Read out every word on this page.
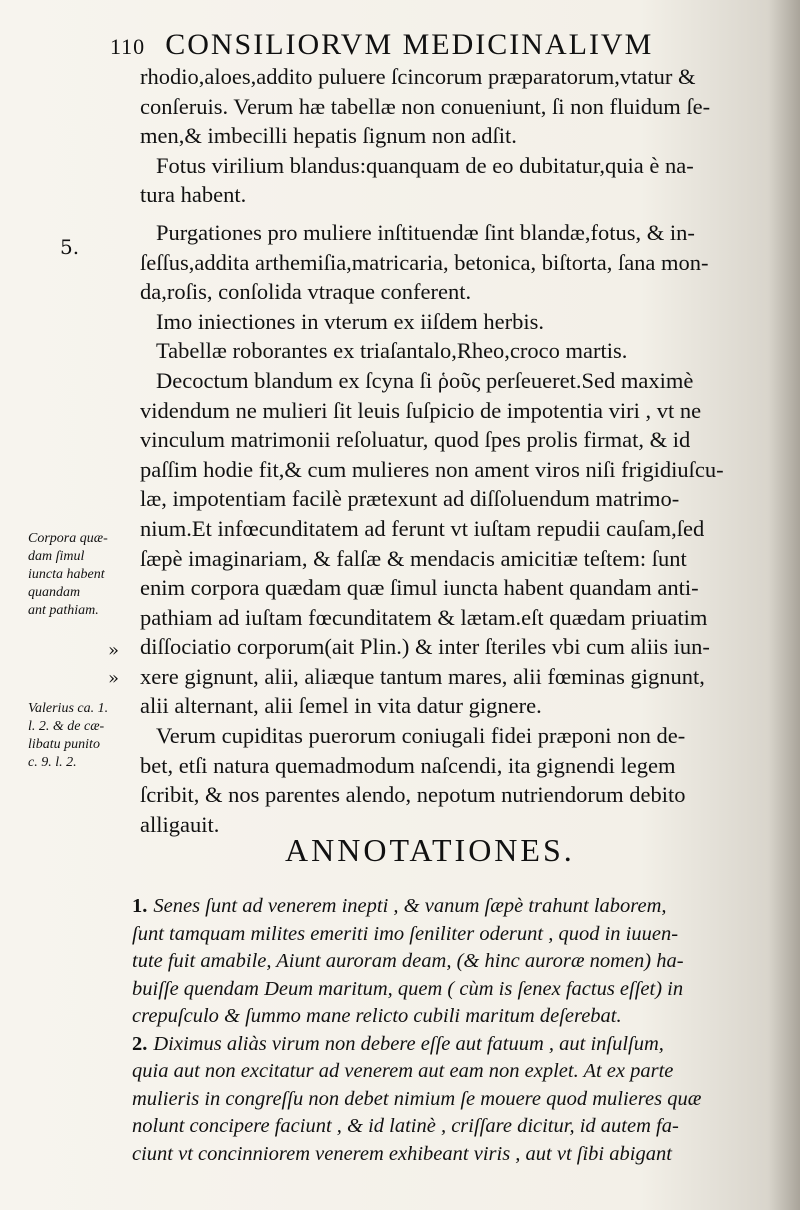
110 CONSILIORVM MEDICINALIVM
rhodio,aloes,addito puluere ſcincorum præparatorum,vtatur &
conſeruis. Verum hæ tabellæ non conueniunt, ſi non fluidum ſe-
men,& imbecilli hepatis ſignum non adſit.
Fotus virilium blandus:quanquam de eo dubitatur,quia è na-
tura habent.
Purgationes pro muliere inſtituendæ ſint blandæ,fotus, & in-
ſeſſus,addita arthemiſia,matricaria, betonica, biſtorta, ſana mon-
da,roſis, conſolida vtraque conferent.
Imo iniectiones in vterum ex iiſdem herbis.
Tabellæ roborantes ex triaſantalo,Rheo,croco martis.
Decoctum blandum ex ſcyna ſi ῥοῦς perſeueret.Sed maximè
videndum ne mulieri ſit leuis ſuſpicio de impotentia viri , vt ne
vinculum matrimonii reſoluatur, quod ſpes prolis firmat, & id
paſſim hodie fit,& cum mulieres non ament viros niſi frigidiuſcu-
læ, impotentiam facilè prætexunt ad diſſoluendum matrimo-
nium.Et infœcunditatem ad ferunt vt iuſtam repudii cauſam,ſed
ſæpè imaginariam, & falſæ & mendacis amicitiæ teſtem: ſunt
enim corpora quædam quæ ſimul iuncta habent quandam anti-
pathiam ad iuſtam fœcunditatem & lætam.eſt quædam priuatim
diſſociatio corporum(ait Plin.) & inter ſteriles vbi cum aliis iun-
xere gignunt, alii, aliæque tantum mares, alii fœminas gignunt,
alii alternant, alii ſemel in vita datur gignere.
Verum cupiditas puerorum coniugali fidei præponi non de-
bet, etſi natura quemadmodum naſcendi, ita gignendi legem
ſcribit, & nos parentes alendo, nepotum nutriendorum debito
alligauit.
5.
Corpora quæ-
dam ſimul
iuncta habent
quandam
ant pathiam.
»
»
Valerius ca. 1.
l. 2. & de cæ-
libatu punito
c. 9. l. 2.
ANNOTATIONES.
1. Senes ſunt ad venerem inepti , & vanum ſæpè trahunt laborem,
ſunt tamquam milites emeriti imo ſeniliter oderunt , quod in iuuen-
tute fuit amabile, Aiunt auroram deam, (& hinc auroræ nomen) ha-
buiſſe quendam Deum maritum, quem ( cùm is ſenex factus eſſet) in
crepuſculo & ſummo mane relicto cubili maritum deſerebat.
2. Diximus aliàs virum non debere eſſe aut fatuum , aut inſulſum,
quia aut non excitatur ad venerem aut eam non explet. At ex parte
mulieris in congreſſu non debet nimium ſe mouere quod mulieres quæ
nolunt concipere faciunt , & id latinè , criſſare dicitur, id autem fa-
ciunt vt concinniorem venerem exhibeant viris , aut vt ſibi abigant
